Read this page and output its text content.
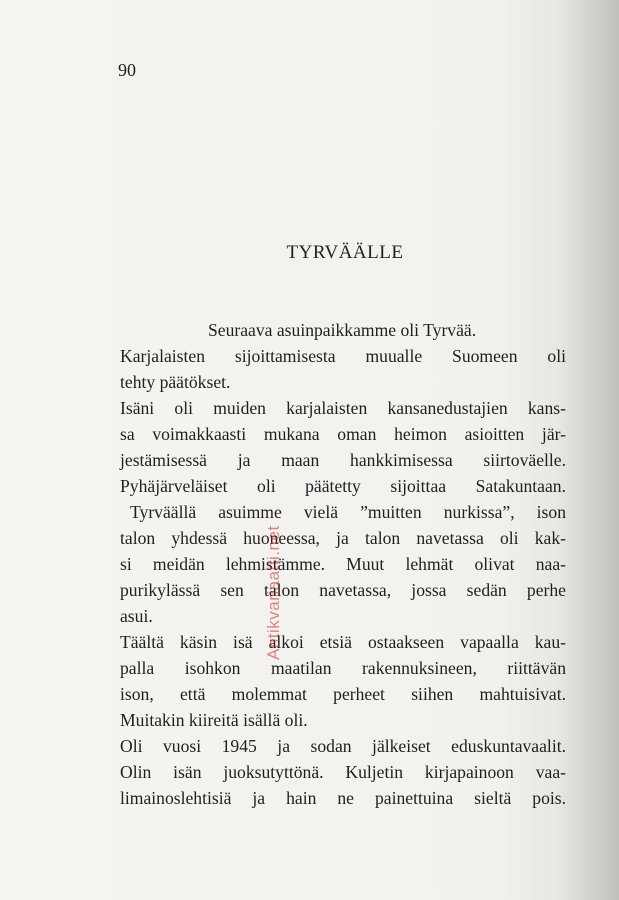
90
TYRVÄÄLLE
Seuraava asuinpaikkamme oli Tyrvää.
Karjalaisten sijoittamisesta muualle Suomeen oli
tehty päätökset.
Isäni oli muiden karjalaisten kansanedustajien kans-
sa voimakkaasti mukana oman heimon asioitten jär-
jestämisessä ja maan hankkimisessa siirtoväelle.
Pyhäjärveläiset oli päätetty sijoittaa Satakuntaan.
Tyrväällä asuimme vielä ”muitten nurkissa”, ison
talon yhdessä huoneessa, ja talon navetassa oli kak-
si meidän lehmistämme. Muut lehmät olivat naa-
purikylässä sen talon navetassa, jossa sedän perhe
asui.
Täältä käsin isä alkoi etsiä ostaakseen vapaalla kau-
palla isohkon maatilan rakennuksineen, riittävän
ison, että molemmat perheet siihen mahtuisivat.
Muitakin kiireitä isällä oli.
Oli vuosi 1945 ja sodan jälkeiset eduskuntavaalit.
Olin isän juoksutyttönä. Kuljetin kirjapainoon vaa-
limainoslehtisiä ja hain ne painettuina sieltä pois.
Antikvariaatti.net
